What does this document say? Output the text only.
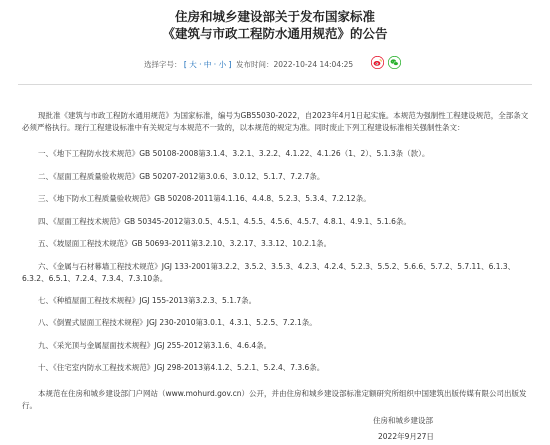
住房和城乡建设部关于发布国家标准
《建筑与市政工程防水通用规范》的公告
选择字号： [ 大 · 中 · 小 ] 发布时间：2022-10-24 14:04:25

现批准《建筑与市政工程防水通用规范》为国家标准，编号为GB55030-2022，自2023年4月1日起实施。本规范为强制性工程建设规范，全部条文必须严格执行。现行工程建设标准中有关规定与本规范不一致的，以本规范的规定为准。同时废止下列工程建设标准相关强制性条文：

一、《地下工程防水技术规范》GB 50108-2008第3.1.4、3.2.1、3.2.2、4.1.22、4.1.26（1、2）、5.1.3条（款）。

二、《屋面工程质量验收规范》GB 50207-2012第3.0.6、3.0.12、5.1.7、7.2.7条。

三、《地下防水工程质量验收规范》GB 50208-2011第4.1.16、4.4.8、5.2.3、5.3.4、7.2.12条。

四、《屋面工程技术规范》GB 50345-2012第3.0.5、4.5.1、4.5.5、4.5.6、4.5.7、4.8.1、4.9.1、5.1.6条。

五、《坡屋面工程技术规范》GB 50693-2011第3.2.10、3.2.17、3.3.12、10.2.1条。

六、《金属与石材幕墙工程技术规范》JGJ 133-2001第3.2.2、3.5.2、3.5.3、4.2.3、4.2.4、5.2.3、5.5.2、5.6.6、5.7.2、5.7.11、6.1.3、6.3.2、6.5.1、7.2.4、7.3.4、7.3.10条。

七、《种植屋面工程技术规程》JGJ 155-2013第3.2.3、5.1.7条。

八、《倒置式屋面工程技术规程》JGJ 230-2010第3.0.1、4.3.1、5.2.5、7.2.1条。

九、《采光顶与金属屋面技术规程》JGJ 255-2012第3.1.6、4.6.4条。

十、《住宅室内防水工程技术规范》JGJ 298-2013第4.1.2、5.2.1、5.2.4、7.3.6条。

本规范在住房和城乡建设部门户网站（www.mohurd.gov.cn）公开，并由住房和城乡建设部标准定额研究所组织中国建筑出版传媒有限公司出版发行。

住房和城乡建设部
2022年9月27日
